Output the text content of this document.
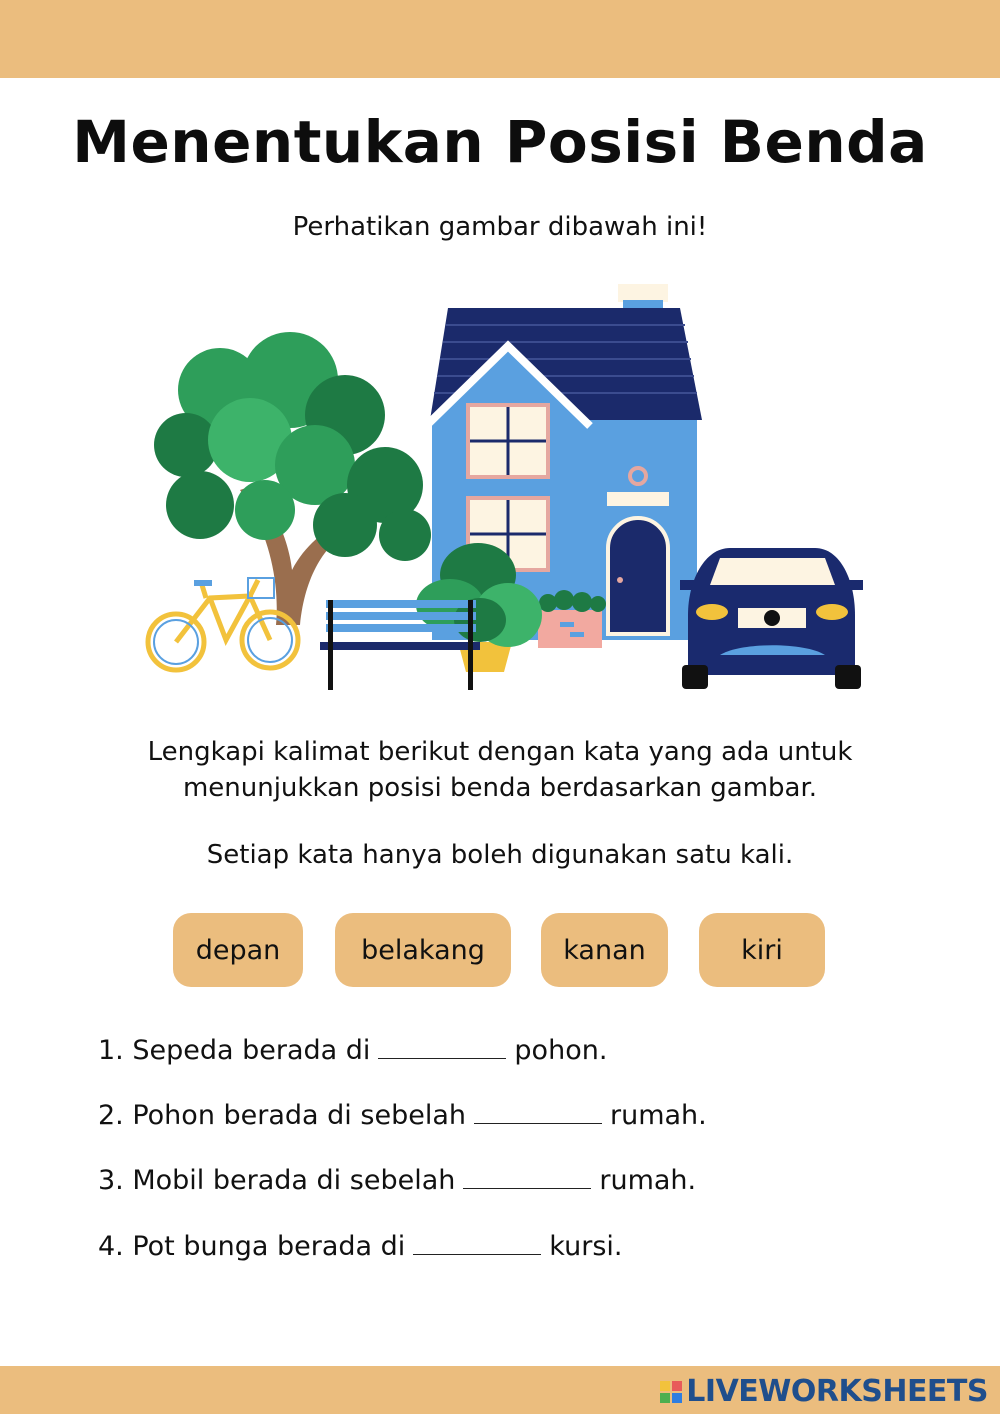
Menentukan Posisi Benda
Perhatikan gambar dibawah ini!
Lengkapi kalimat berikut dengan kata yang ada untuk
menunjukkan posisi benda berdasarkan gambar.
Setiap kata hanya boleh digunakan satu kali.
depan	belakang	kanan	kiri
1. Sepeda berada di	pohon.
2. Pohon berada di sebelah	rumah.
3. Mobil berada di sebelah	rumah.
4. Pot bunga berada di	kursi.
LIVEWORKSHEETS
